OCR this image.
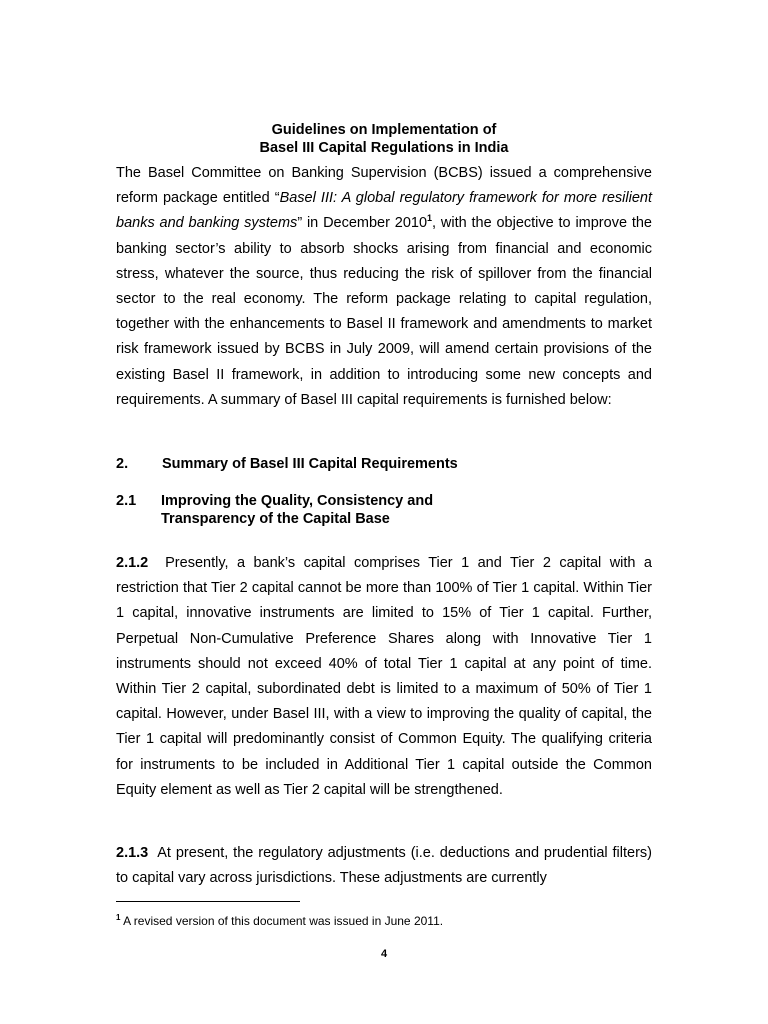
Guidelines on Implementation of
Basel III Capital Regulations in India

The Basel Committee on Banking Supervision (BCBS) issued a comprehensive reform package entitled “Basel III: A global regulatory framework for more resilient banks and banking systems” in December 2010$^1$, with the objective to improve the banking sector’s ability to absorb shocks arising from financial and economic stress, whatever the source, thus reducing the risk of spillover from the financial sector to the real economy. The reform package relating to capital regulation, together with the enhancements to Basel II framework and amendments to market risk framework issued by BCBS in July 2009, will amend certain provisions of the existing Basel II framework, in addition to introducing some new concepts and requirements. A summary of Basel III capital requirements is furnished below:

2. Summary of Basel III Capital Requirements
2.1 Improving the Quality, Consistency and
Transparency of the Capital Base

2.1.2 Presently, a bank’s capital comprises Tier 1 and Tier 2 capital with a restriction that Tier 2 capital cannot be more than 100% of Tier 1 capital. Within Tier 1 capital, innovative instruments are limited to 15% of Tier 1 capital. Further, Perpetual Non-Cumulative Preference Shares along with Innovative Tier 1 instruments should not exceed 40% of total Tier 1 capital at any point of time. Within Tier 2 capital, subordinated debt is limited to a maximum of 50% of Tier 1 capital. However, under Basel III, with a view to improving the quality of capital, the Tier 1 capital will predominantly consist of Common Equity. The qualifying criteria for instruments to be included in Additional Tier 1 capital outside the Common Equity element as well as Tier 2 capital will be strengthened.

2.1.3 At present, the regulatory adjustments (i.e. deductions and prudential filters) to capital vary across jurisdictions. These adjustments are currently

$^1$ A revised version of this document was issued in June 2011.
4
